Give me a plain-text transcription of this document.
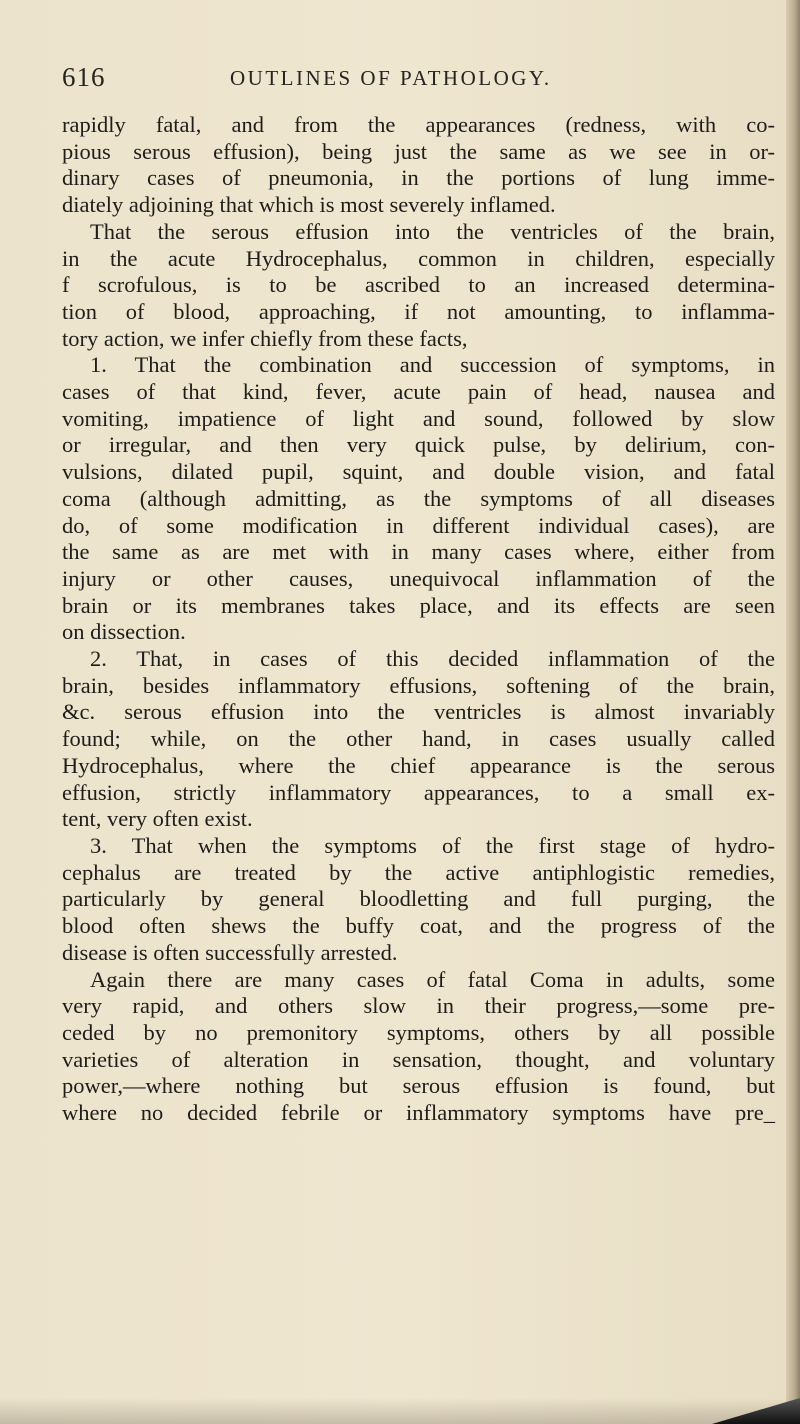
616	OUTLINES OF PATHOLOGY.
rapidly fatal, and from the appearances (redness, with co-
pious serous effusion), being just the same as we see in or-
dinary cases of pneumonia, in the portions of lung imme-
diately adjoining that which is most severely inflamed.
That the serous effusion into the ventricles of the brain,
in the acute Hydrocephalus, common in children, especially
f scrofulous, is to be ascribed to an increased determina-
tion of blood, approaching, if not amounting, to inflamma-
tory action, we infer chiefly from these facts,
1. That the combination and succession of symptoms, in
cases of that kind, fever, acute pain of head, nausea and
vomiting, impatience of light and sound, followed by slow
or irregular, and then very quick pulse, by delirium, con-
vulsions, dilated pupil, squint, and double vision, and fatal
coma (although admitting, as the symptoms of all diseases
do, of some modification in different individual cases), are
the same as are met with in many cases where, either from
injury or other causes, unequivocal inflammation of the
brain or its membranes takes place, and its effects are seen
on dissection.
2. That, in cases of this decided inflammation of the
brain, besides inflammatory effusions, softening of the brain,
&c. serous effusion into the ventricles is almost invariably
found; while, on the other hand, in cases usually called
Hydrocephalus, where the chief appearance is the serous
effusion, strictly inflammatory appearances, to a small ex-
tent, very often exist.
3. That when the symptoms of the first stage of hydro-
cephalus are treated by the active antiphlogistic remedies,
particularly by general bloodletting and full purging, the
blood often shews the buffy coat, and the progress of the
disease is often successfully arrested.
Again there are many cases of fatal Coma in adults, some
very rapid, and others slow in their progress,—some pre-
ceded by no premonitory symptoms, others by all possible
varieties of alteration in sensation, thought, and voluntary
power,—where nothing but serous effusion is found, but
where no decided febrile or inflammatory symptoms have pre_
